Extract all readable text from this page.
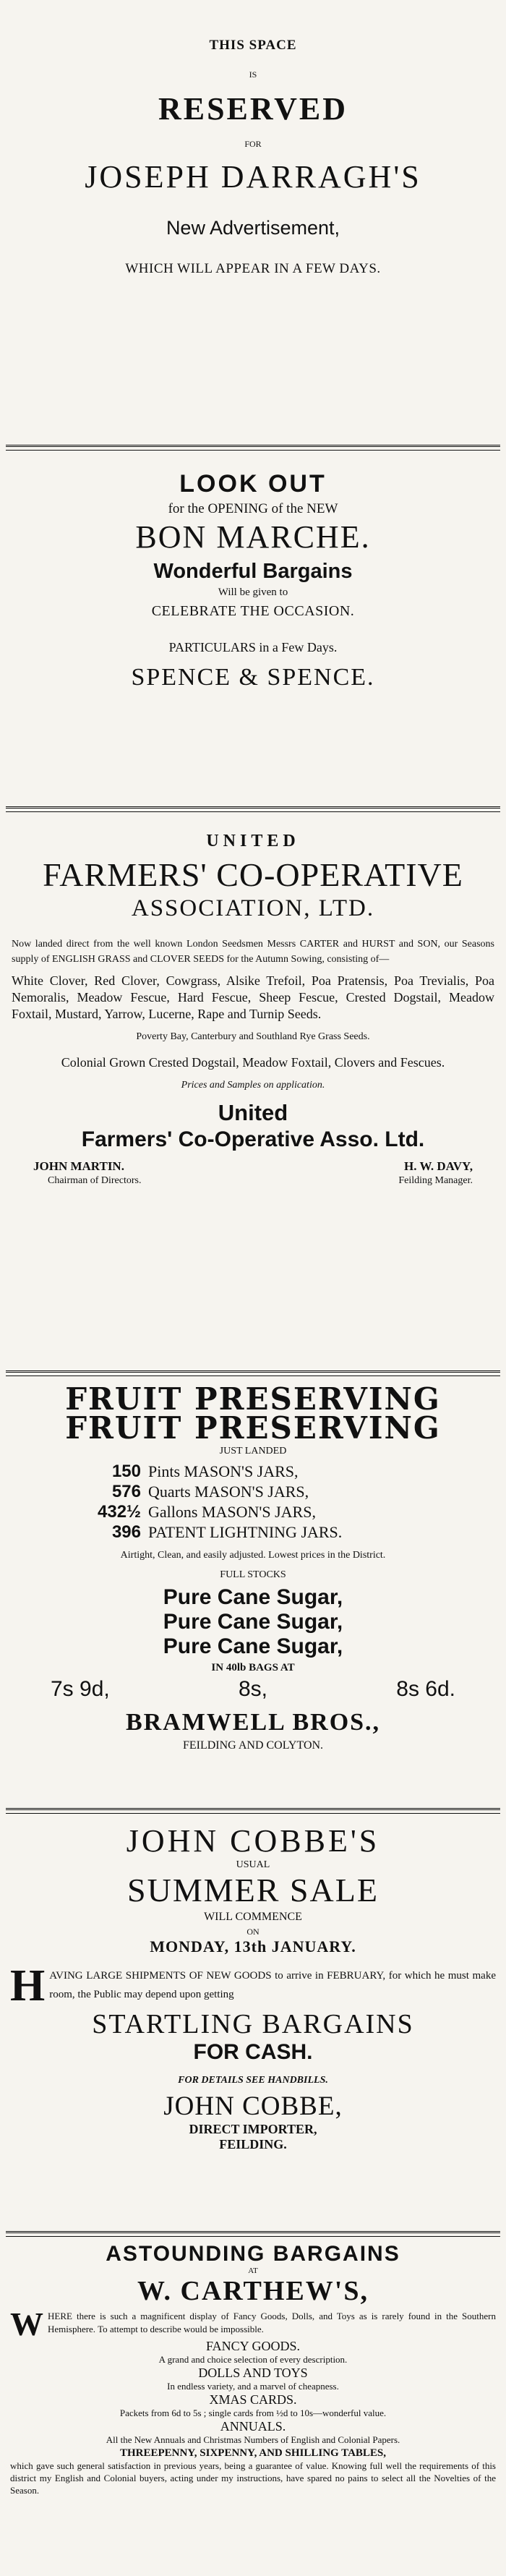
THIS SPACE

IS

RESERVED

FOR

JOSEPH DARRAGH'S

New Advertisement,

WHICH WILL APPEAR IN A FEW DAYS.

LOOK OUT

for the OPENING of the NEW

BON MARCHE.

Wonderful Bargains

Will be given to

CELEBRATE THE OCCASION.

PARTICULARS in a Few Days.

SPENCE & SPENCE.

UNITED

FARMERS' CO-OPERATIVE

ASSOCIATION, LTD.

Now landed direct from the well known London Seedsmen Messrs CARTER and HURST and SON, our Seasons supply of ENGLISH GRASS and CLOVER SEEDS for the Autumn Sowing, consisting of—

White Clover, Red Clover, Cowgrass, Alsike Trefoil, Poa Pratensis, Poa Trevialis, Poa Nemoralis, Meadow Fescue, Hard Fescue, Sheep Fescue, Crested Dogstail, Meadow Foxtail, Mustard, Yarrow, Lucerne, Rape and Turnip Seeds.

Poverty Bay, Canterbury and Southland Rye Grass Seeds.

Colonial Grown Crested Dogstail, Meadow Foxtail, Clovers and Fescues.

Prices and Samples on application.

United

Farmers' Co-Operative Asso. Ltd.

JOHN MARTIN.

Chairman of Directors.

H. W. DAVY,

Feilding Manager.

FRUIT PRESERVING

FRUIT PRESERVING

JUST LANDED

150 Pints MASON'S JARS,
576 Quarts MASON'S JARS,
432½ Gallons MASON'S JARS,
396 PATENT LIGHTNING JARS.

Airtight, Clean, and easily adjusted. Lowest prices in the District.

FULL STOCKS

Pure Cane Sugar,

Pure Cane Sugar,

Pure Cane Sugar,

IN 40lb BAGS AT

7s 9d,	8s,	8s 6d.

BRAMWELL BROS.,

FEILDING AND COLYTON.

JOHN COBBE'S

USUAL

SUMMER SALE

WILL COMMENCE

ON

MONDAY, 13th JANUARY.

H AVING LARGE SHIPMENTS OF NEW GOODS to arrive in FEBRUARY, for which he must make room, the Public may depend upon getting

STARTLING BARGAINS

FOR CASH.

FOR DETAILS SEE HANDBILLS.

JOHN COBBE,

DIRECT IMPORTER,

FEILDING.

ASTOUNDING BARGAINS

AT

W. CARTHEW'S,

W HERE there is such a magnificent display of Fancy Goods, Dolls, and Toys as is rarely found in the Southern Hemisphere. To attempt to describe would be impossible.

FANCY GOODS.

A grand and choice selection of every description.

DOLLS AND TOYS

In endless variety, and a marvel of cheapness.

XMAS CARDS.

Packets from 6d to 5s ; single cards from ½d to 10s—wonderful value.

ANNUALS.

All the New Annuals and Christmas Numbers of English and Colonial Papers.

THREEPENNY, SIXPENNY, AND SHILLING TABLES,

which gave such general satisfaction in previous years, being a guarantee of value. Knowing full well the requirements of this district my English and Colonial buyers, acting under my instructions, have spared no pains to select all the Novelties of the Season.
